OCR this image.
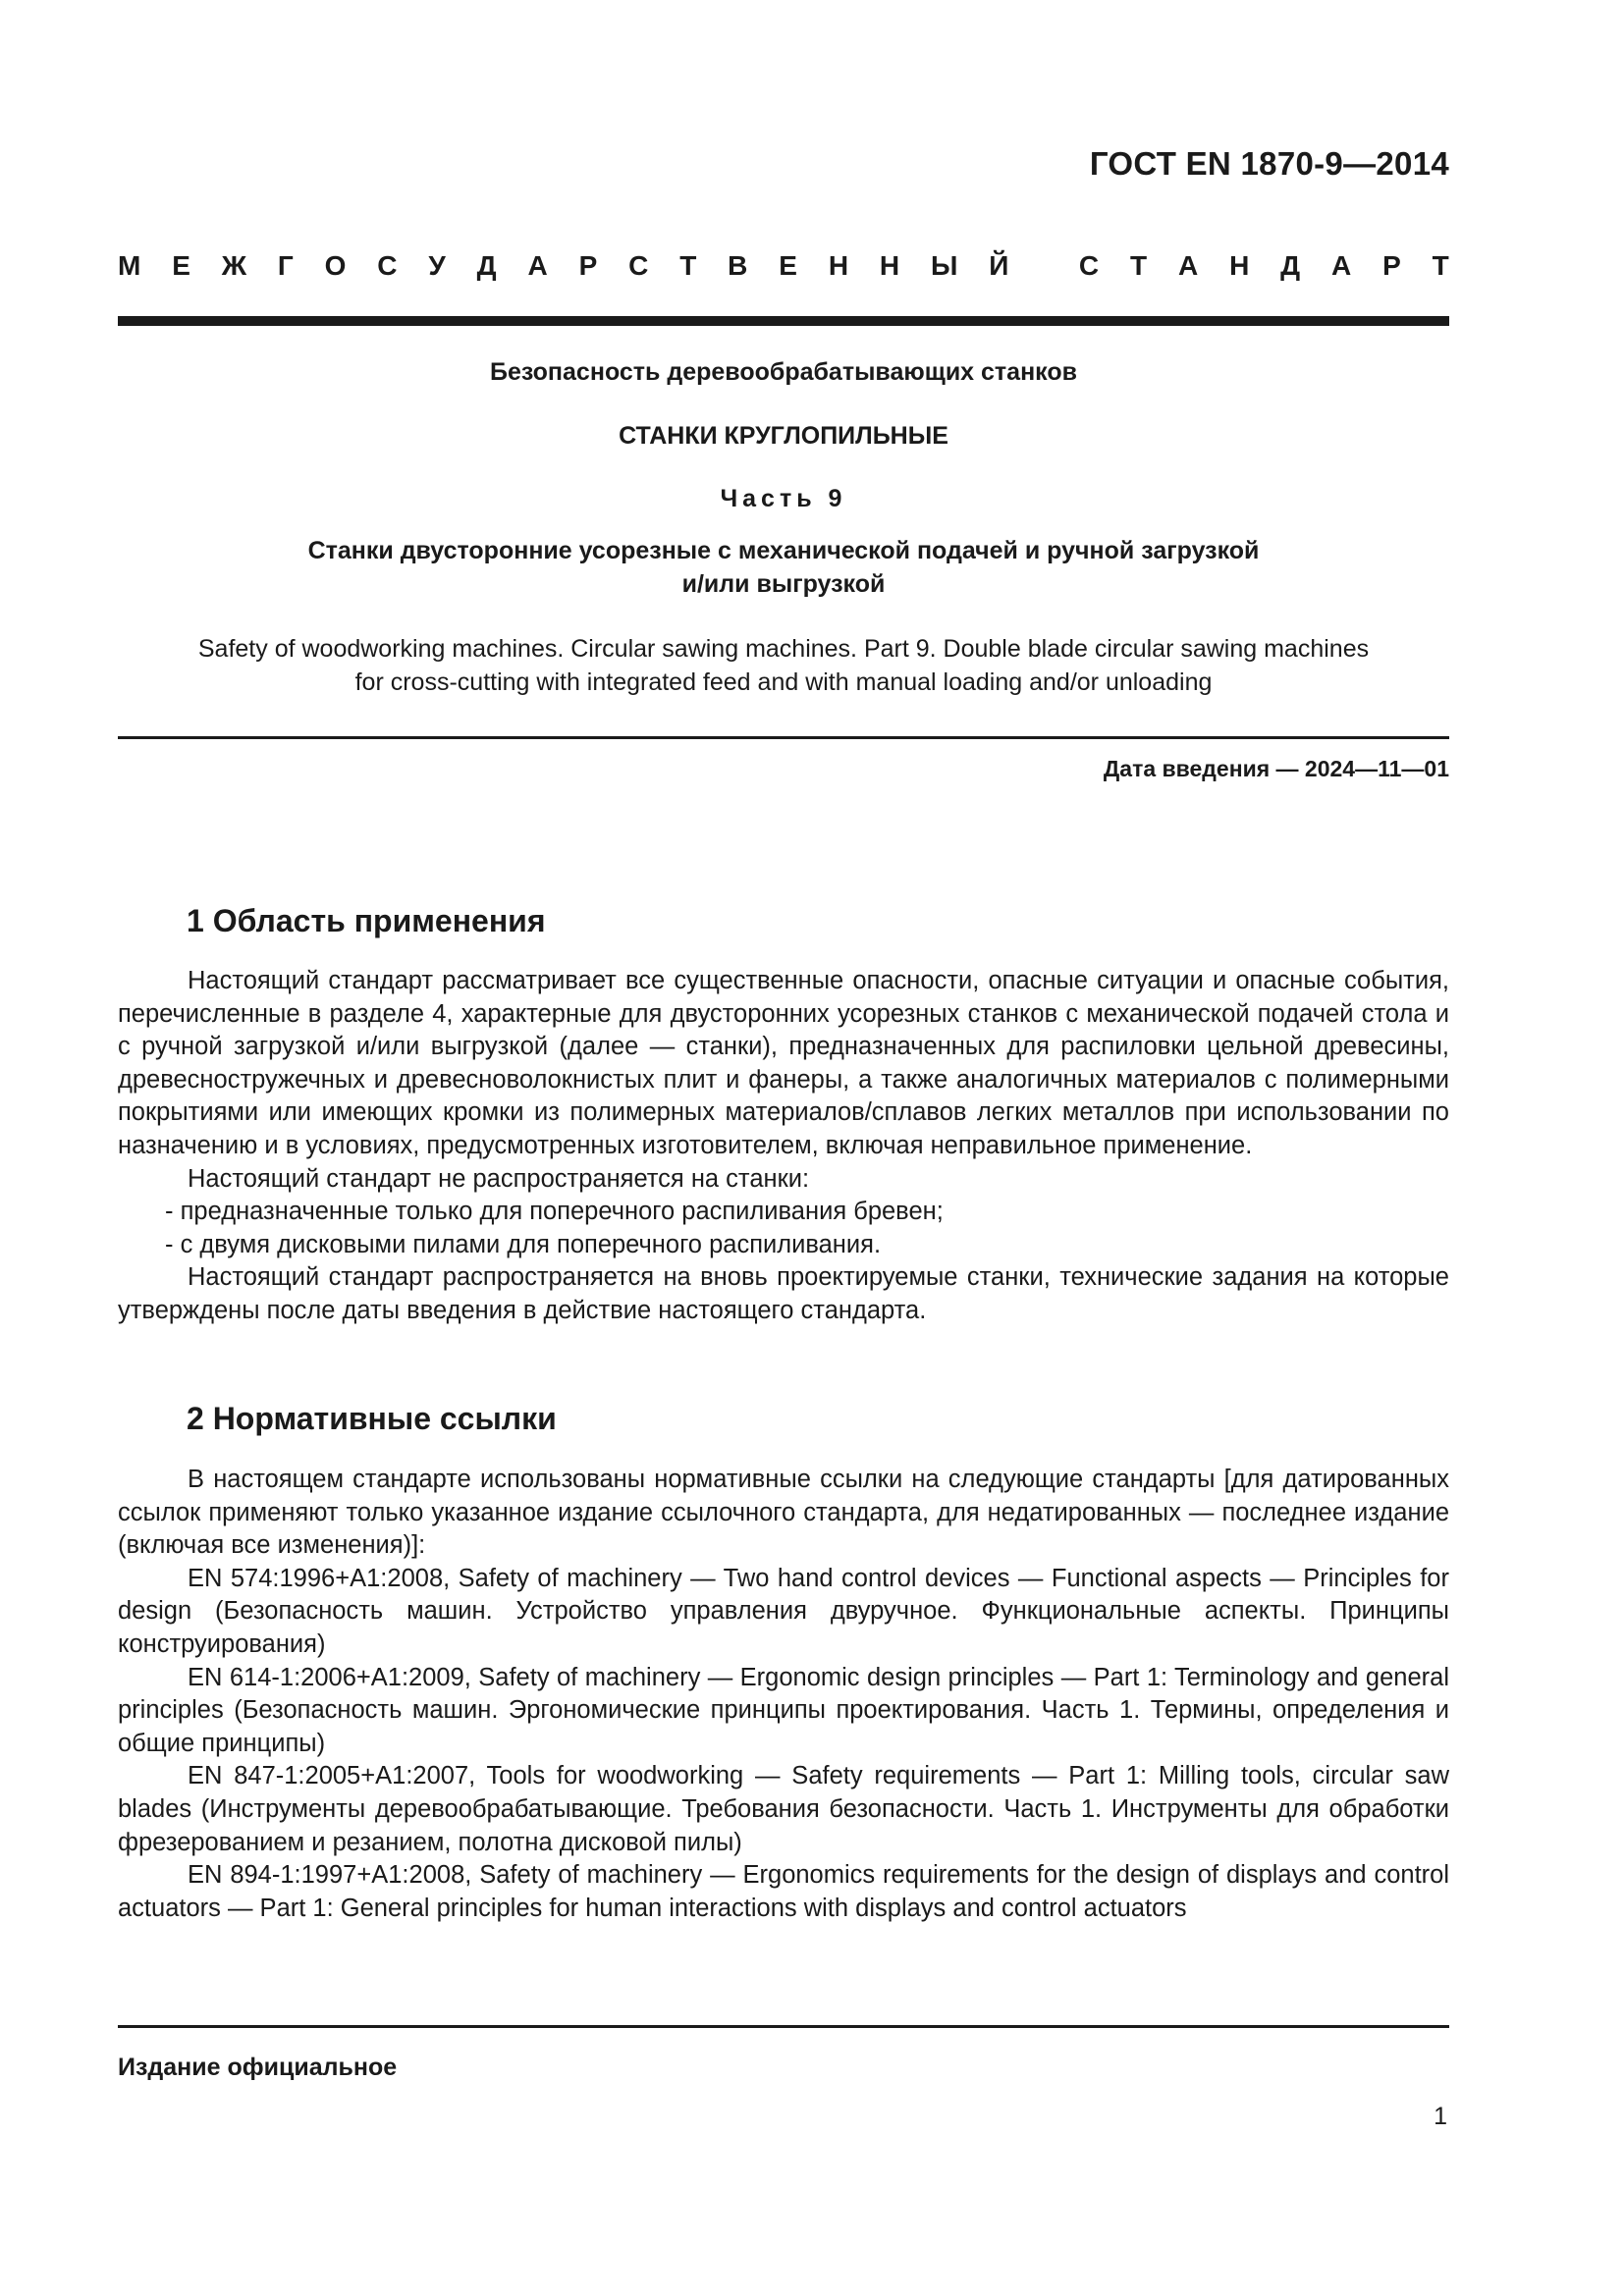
ГОСТ EN 1870-9—2014
М Е Ж Г О С У Д А Р С Т В Е Н Н Ы Й
	С Т А Н Д А Р Т
Безопасность деревообрабатывающих станков
СТАНКИ КРУГЛОПИЛЬНЫЕ
Часть 9
Станки двусторонние усорезные с механической подачей и ручной загрузкой
и/или выгрузкой
Safety of woodworking machines. Circular sawing machines. Part 9. Double blade circular sawing machines
for cross-cutting with integrated feed and with manual loading and/or unloading
Дата введения — 2024—11—01
1 Область применения

Настоящий стандарт рассматривает все существенные опасности, опасные ситуации и опасные события, перечисленные в разделе 4, характерные для двусторонних усорезных станков с механической подачей стола и с ручной загрузкой и/или выгрузкой (далее — станки), предназначенных для распиловки цельной древесины, древесностружечных и древесноволокнистых плит и фанеры, а также аналогичных материалов с полимерными покрытиями или имеющих кромки из полимерных материалов/сплавов легких металлов при использовании по назначению и в условиях, предусмотренных изготовителем, включая неправильное применение.

Настоящий стандарт не распространяется на станки:

- предназначенные только для поперечного распиливания бревен;

- с двумя дисковыми пилами для поперечного распиливания.

Настоящий стандарт распространяется на вновь проектируемые станки, технические задания на которые утверждены после даты введения в действие настоящего стандарта.

2 Нормативные ссылки

В настоящем стандарте использованы нормативные ссылки на следующие стандарты [для датированных ссылок применяют только указанное издание ссылочного стандарта, для недатированных — последнее издание (включая все изменения)]:

EN 574:1996+A1:2008, Safety of machinery — Two hand control devices — Functional aspects — Principles for design (Безопасность машин. Устройство управления двуручное. Функциональные аспекты. Принципы конструирования)

EN 614-1:2006+A1:2009, Safety of machinery — Ergonomic design principles — Part 1: Terminology and general principles (Безопасность машин. Эргономические принципы проектирования. Часть 1. Термины, определения и общие принципы)

EN 847-1:2005+A1:2007, Tools for woodworking — Safety requirements — Part 1: Milling tools, circular saw blades (Инструменты деревообрабатывающие. Требования безопасности. Часть 1. Инструменты для обработки фрезерованием и резанием, полотна дисковой пилы)

EN 894-1:1997+A1:2008, Safety of machinery — Ergonomics requirements for the design of displays and control actuators — Part 1: General principles for human interactions with displays and control actuators

Издание официальное
1
